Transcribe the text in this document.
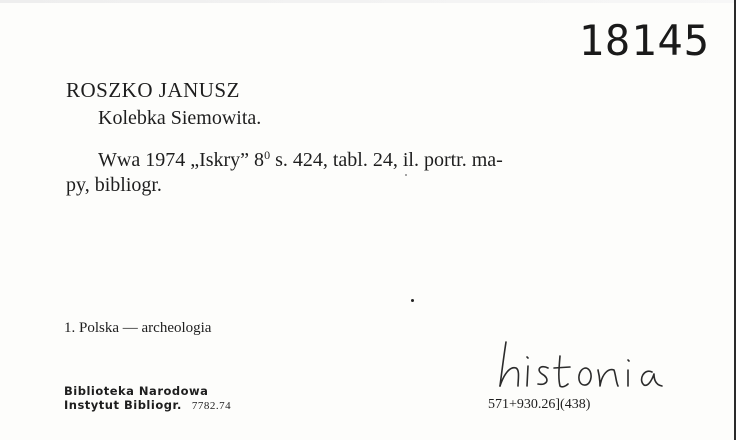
18145
ROSZKO JANUSZ
Kolebka Siemowita.
Wwa 1974 „Iskry” $8^0$ s. 424, tabl. 24, il. portr. ma-
py, bibliogr.
1. Polska — archeologia
Biblioteka Narodowa
Instytut Bibliogr. 7782.74	571+930.26](438)
